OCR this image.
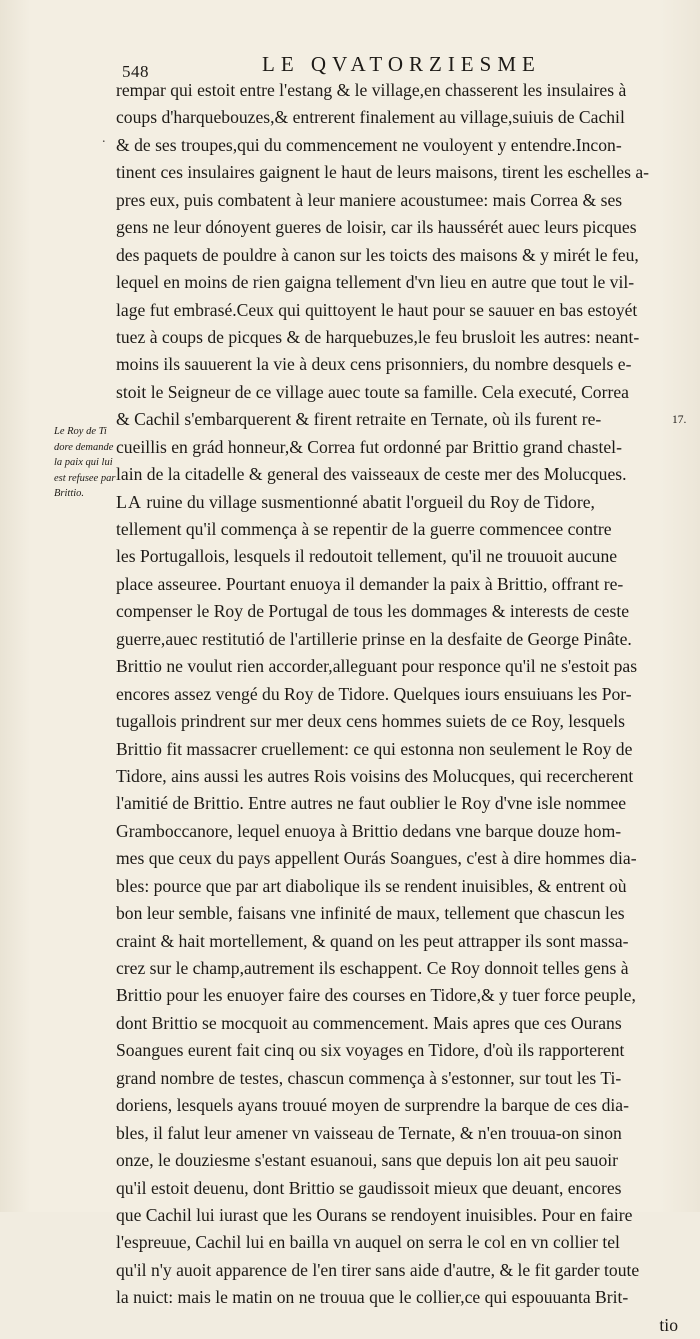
548	LE QVATORZIESME
.
Le Roy de Ti
dore demande
la paix qui lui
est refusee par
Brittio.
17.
rempar qui estoit entre l'estang & le village,en chasserent les insulaires à
coups d'harquebouzes,& entrerent finalement au village,suiuis de Cachil
& de ses troupes,qui du commencement ne vouloyent y entendre.Incon-
tinent ces insulaires gaignent le haut de leurs maisons, tirent les eschelles a-
pres eux, puis combatent à leur maniere acoustumee: mais Correa & ses
gens ne leur dónoyent gueres de loisir, car ils haussérét auec leurs picques
des paquets de pouldre à canon sur les toicts des maisons & y mirét le feu,
lequel en moins de rien gaigna tellement d'vn lieu en autre que tout le vil-
lage fut embrasé.Ceux qui quittoyent le haut pour se sauuer en bas estoyét
tuez à coups de picques & de harquebuzes,le feu brusloit les autres: neant-
moins ils sauuerent la vie à deux cens prisonniers, du nombre desquels e-
stoit le Seigneur de ce village auec toute sa famille. Cela executé, Correa
& Cachil s'embarquerent & firent retraite en Ternate, où ils furent re-
cueillis en grád honneur,& Correa fut ordonné par Brittio grand chastel-
lain de la citadelle & general des vaisseaux de ceste mer des Molucques.
LA ruine du village susmentionné abatit l'orgueil du Roy de Tidore,
tellement qu'il commença à se repentir de la guerre commencee contre
les Portugallois, lesquels il redoutoit tellement, qu'il ne trouuoit aucune
place asseuree. Pourtant enuoya il demander la paix à Brittio, offrant re-
compenser le Roy de Portugal de tous les dommages & interests de ceste
guerre,auec restitutió de l'artillerie prinse en la desfaite de George Pinâte.
Brittio ne voulut rien accorder,alleguant pour responce qu'il ne s'estoit pas
encores assez vengé du Roy de Tidore. Quelques iours ensuiuans les Por-
tugallois prindrent sur mer deux cens hommes suiets de ce Roy, lesquels
Brittio fit massacrer cruellement: ce qui estonna non seulement le Roy de
Tidore, ains aussi les autres Rois voisins des Molucques, qui recercherent
l'amitié de Brittio. Entre autres ne faut oublier le Roy d'vne isle nommee
Gramboccanore, lequel enuoya à Brittio dedans vne barque douze hom-
mes que ceux du pays appellent Ourás Soangues, c'est à dire hommes dia-
bles: pource que par art diabolique ils se rendent inuisibles, & entrent où
bon leur semble, faisans vne infinité de maux, tellement que chascun les
craint & hait mortellement, & quand on les peut attrapper ils sont massa-
crez sur le champ,autrement ils eschappent. Ce Roy donnoit telles gens à
Brittio pour les enuoyer faire des courses en Tidore,& y tuer force peuple,
dont Brittio se mocquoit au commencement. Mais apres que ces Ourans
Soangues eurent fait cinq ou six voyages en Tidore, d'où ils rapporterent
grand nombre de testes, chascun commença à s'estonner, sur tout les Ti-
doriens, lesquels ayans trouué moyen de surprendre la barque de ces dia-
bles, il falut leur amener vn vaisseau de Ternate, & n'en trouua-on sinon
onze, le douziesme s'estant esuanoui, sans que depuis lon ait peu sauoir
qu'il estoit deuenu, dont Brittio se gaudissoit mieux que deuant, encores
que Cachil lui iurast que les Ourans se rendoyent inuisibles. Pour en faire
l'espreuue, Cachil lui en bailla vn auquel on serra le col en vn collier tel
qu'il n'y auoit apparence de l'en tirer sans aide d'autre, & le fit garder toute
la nuict: mais le matin on ne trouua que le collier,ce qui espouuanta Brit-
tio
